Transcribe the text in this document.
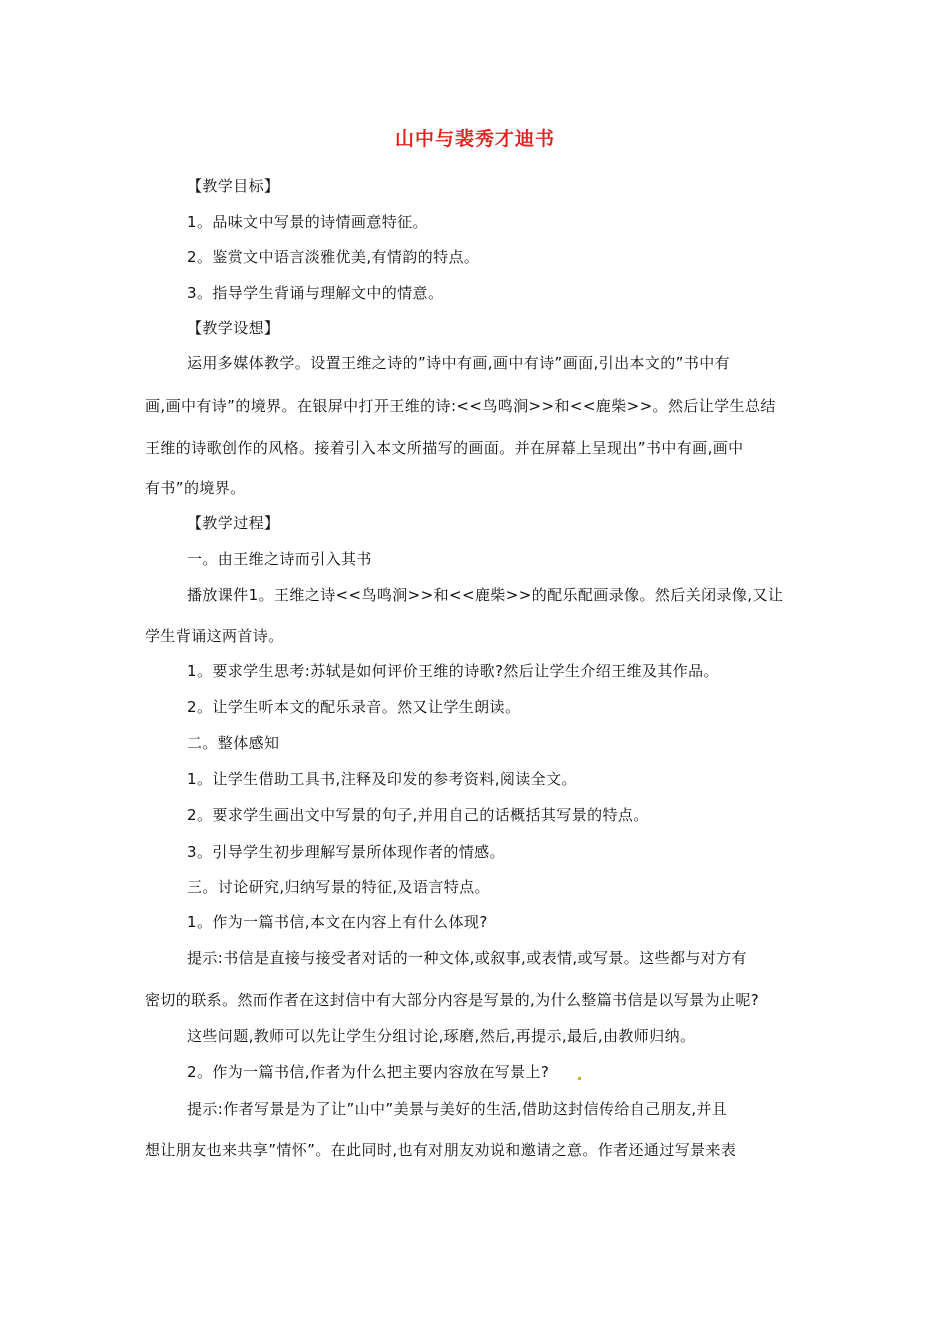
山中与裴秀才迪书
【教学目标】
1。品味文中写景的诗情画意特征。
2。鉴赏文中语言淡雅优美,有情韵的特点。
3。指导学生背诵与理解文中的情意。
【教学设想】
运用多媒体教学。设置王维之诗的”诗中有画,画中有诗”画面,引出本文的”书中有
画,画中有诗”的境界。在银屏中打开王维的诗:<<鸟鸣涧>>和<<鹿柴>>。然后让学生总结
王维的诗歌创作的风格。接着引入本文所描写的画面。并在屏幕上呈现出”书中有画,画中
有书”的境界。
【教学过程】
一。由王维之诗而引入其书
播放课件1。王维之诗<<鸟鸣涧>>和<<鹿柴>>的配乐配画录像。然后关闭录像,又让
学生背诵这两首诗。
1。要求学生思考:苏轼是如何评价王维的诗歌?然后让学生介绍王维及其作品。
2。让学生听本文的配乐录音。然又让学生朗读。
二。整体感知
1。让学生借助工具书,注释及印发的参考资料,阅读全文。
2。要求学生画出文中写景的句子,并用自己的话概括其写景的特点。
3。引导学生初步理解写景所体现作者的情感。
三。讨论研究,归纳写景的特征,及语言特点。
1。作为一篇书信,本文在内容上有什么体现?
提示:书信是直接与接受者对话的一种文体,或叙事,或表情,或写景。这些都与对方有
密切的联系。然而作者在这封信中有大部分内容是写景的,为什么整篇书信是以写景为止呢?
这些问题,教师可以先让学生分组讨论,琢磨,然后,再提示,最后,由教师归纳。
2。作为一篇书信,作者为什么把主要内容放在写景上?
提示:作者写景是为了让”山中”美景与美好的生活,借助这封信传给自己朋友,并且
想让朋友也来共享”情怀”。在此同时,也有对朋友劝说和邀请之意。作者还通过写景来表
